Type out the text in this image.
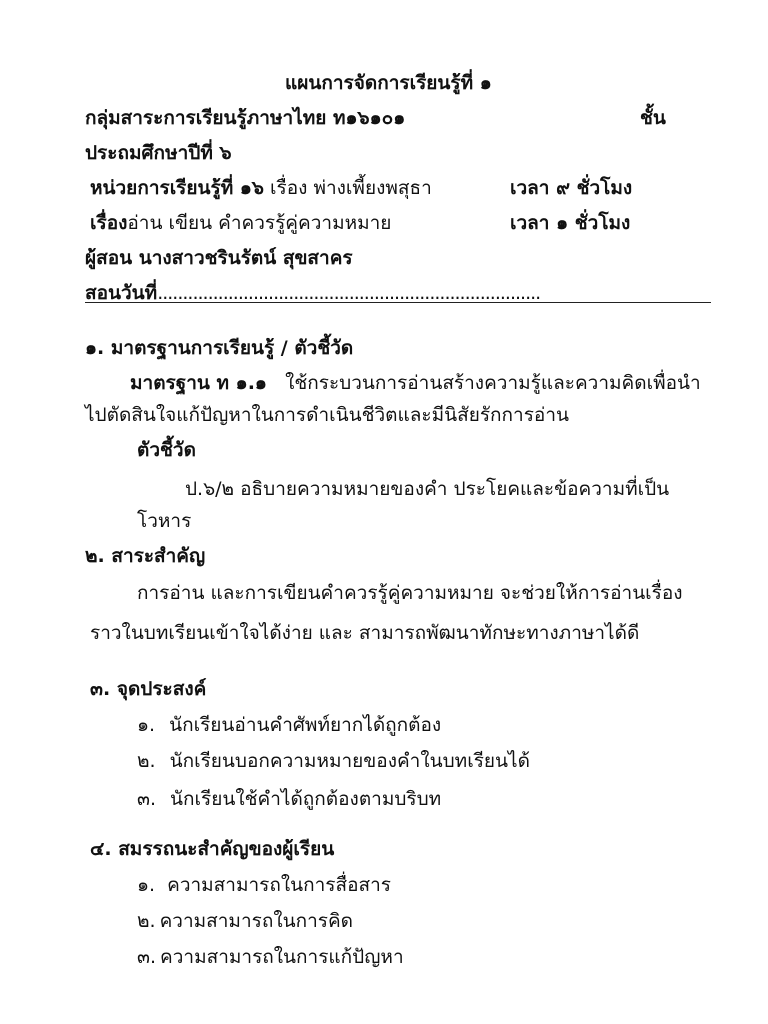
แผนการจัดการเรียนรู้ที่ ๑
กลุ่มสาระการเรียนรู้ภาษาไทย ท๑๖๑๐๑	ชั้น
ประถมศึกษาปีที่ ๖
หน่วยการเรียนรู้ที่ ๑๖ เรื่อง พ่างเพี้ยงพสุธา	เวลา ๙ ชั่วโมง
เรื่องอ่าน เขียน คำควรรู้คู่ความหมาย	เวลา ๑ ชั่วโมง
ผู้สอน นางสาวชรินรัตน์ สุขสาคร
สอนวันที่............................................................................
๑. มาตรฐานการเรียนรู้ / ตัวชี้วัด
มาตรฐาน ท ๑.๑ ใช้กระบวนการอ่านสร้างความรู้และความคิดเพื่อนำ
ไปตัดสินใจแก้ปัญหาในการดำเนินชีวิตและมีนิสัยรักการอ่าน
ตัวชี้วัด
ป.๖/๒ อธิบายความหมายของคำ ประโยคและข้อความที่เป็น
โวหาร
๒. สาระสำคัญ
การอ่าน และการเขียนคำควรรู้คู่ความหมาย จะช่วยให้การอ่านเรื่อง
ราวในบทเรียนเข้าใจได้ง่าย และ สามารถพัฒนาทักษะทางภาษาได้ดี
๓. จุดประสงค์
๑. นักเรียนอ่านคำศัพท์ยากได้ถูกต้อง
๒. นักเรียนบอกความหมายของคำในบทเรียนได้
๓. นักเรียนใช้คำได้ถูกต้องตามบริบท
๔. สมรรถนะสำคัญของผู้เรียน
๑. ความสามารถในการสื่อสาร
๒. ความสามารถในการคิด
๓. ความสามารถในการแก้ปัญหา
